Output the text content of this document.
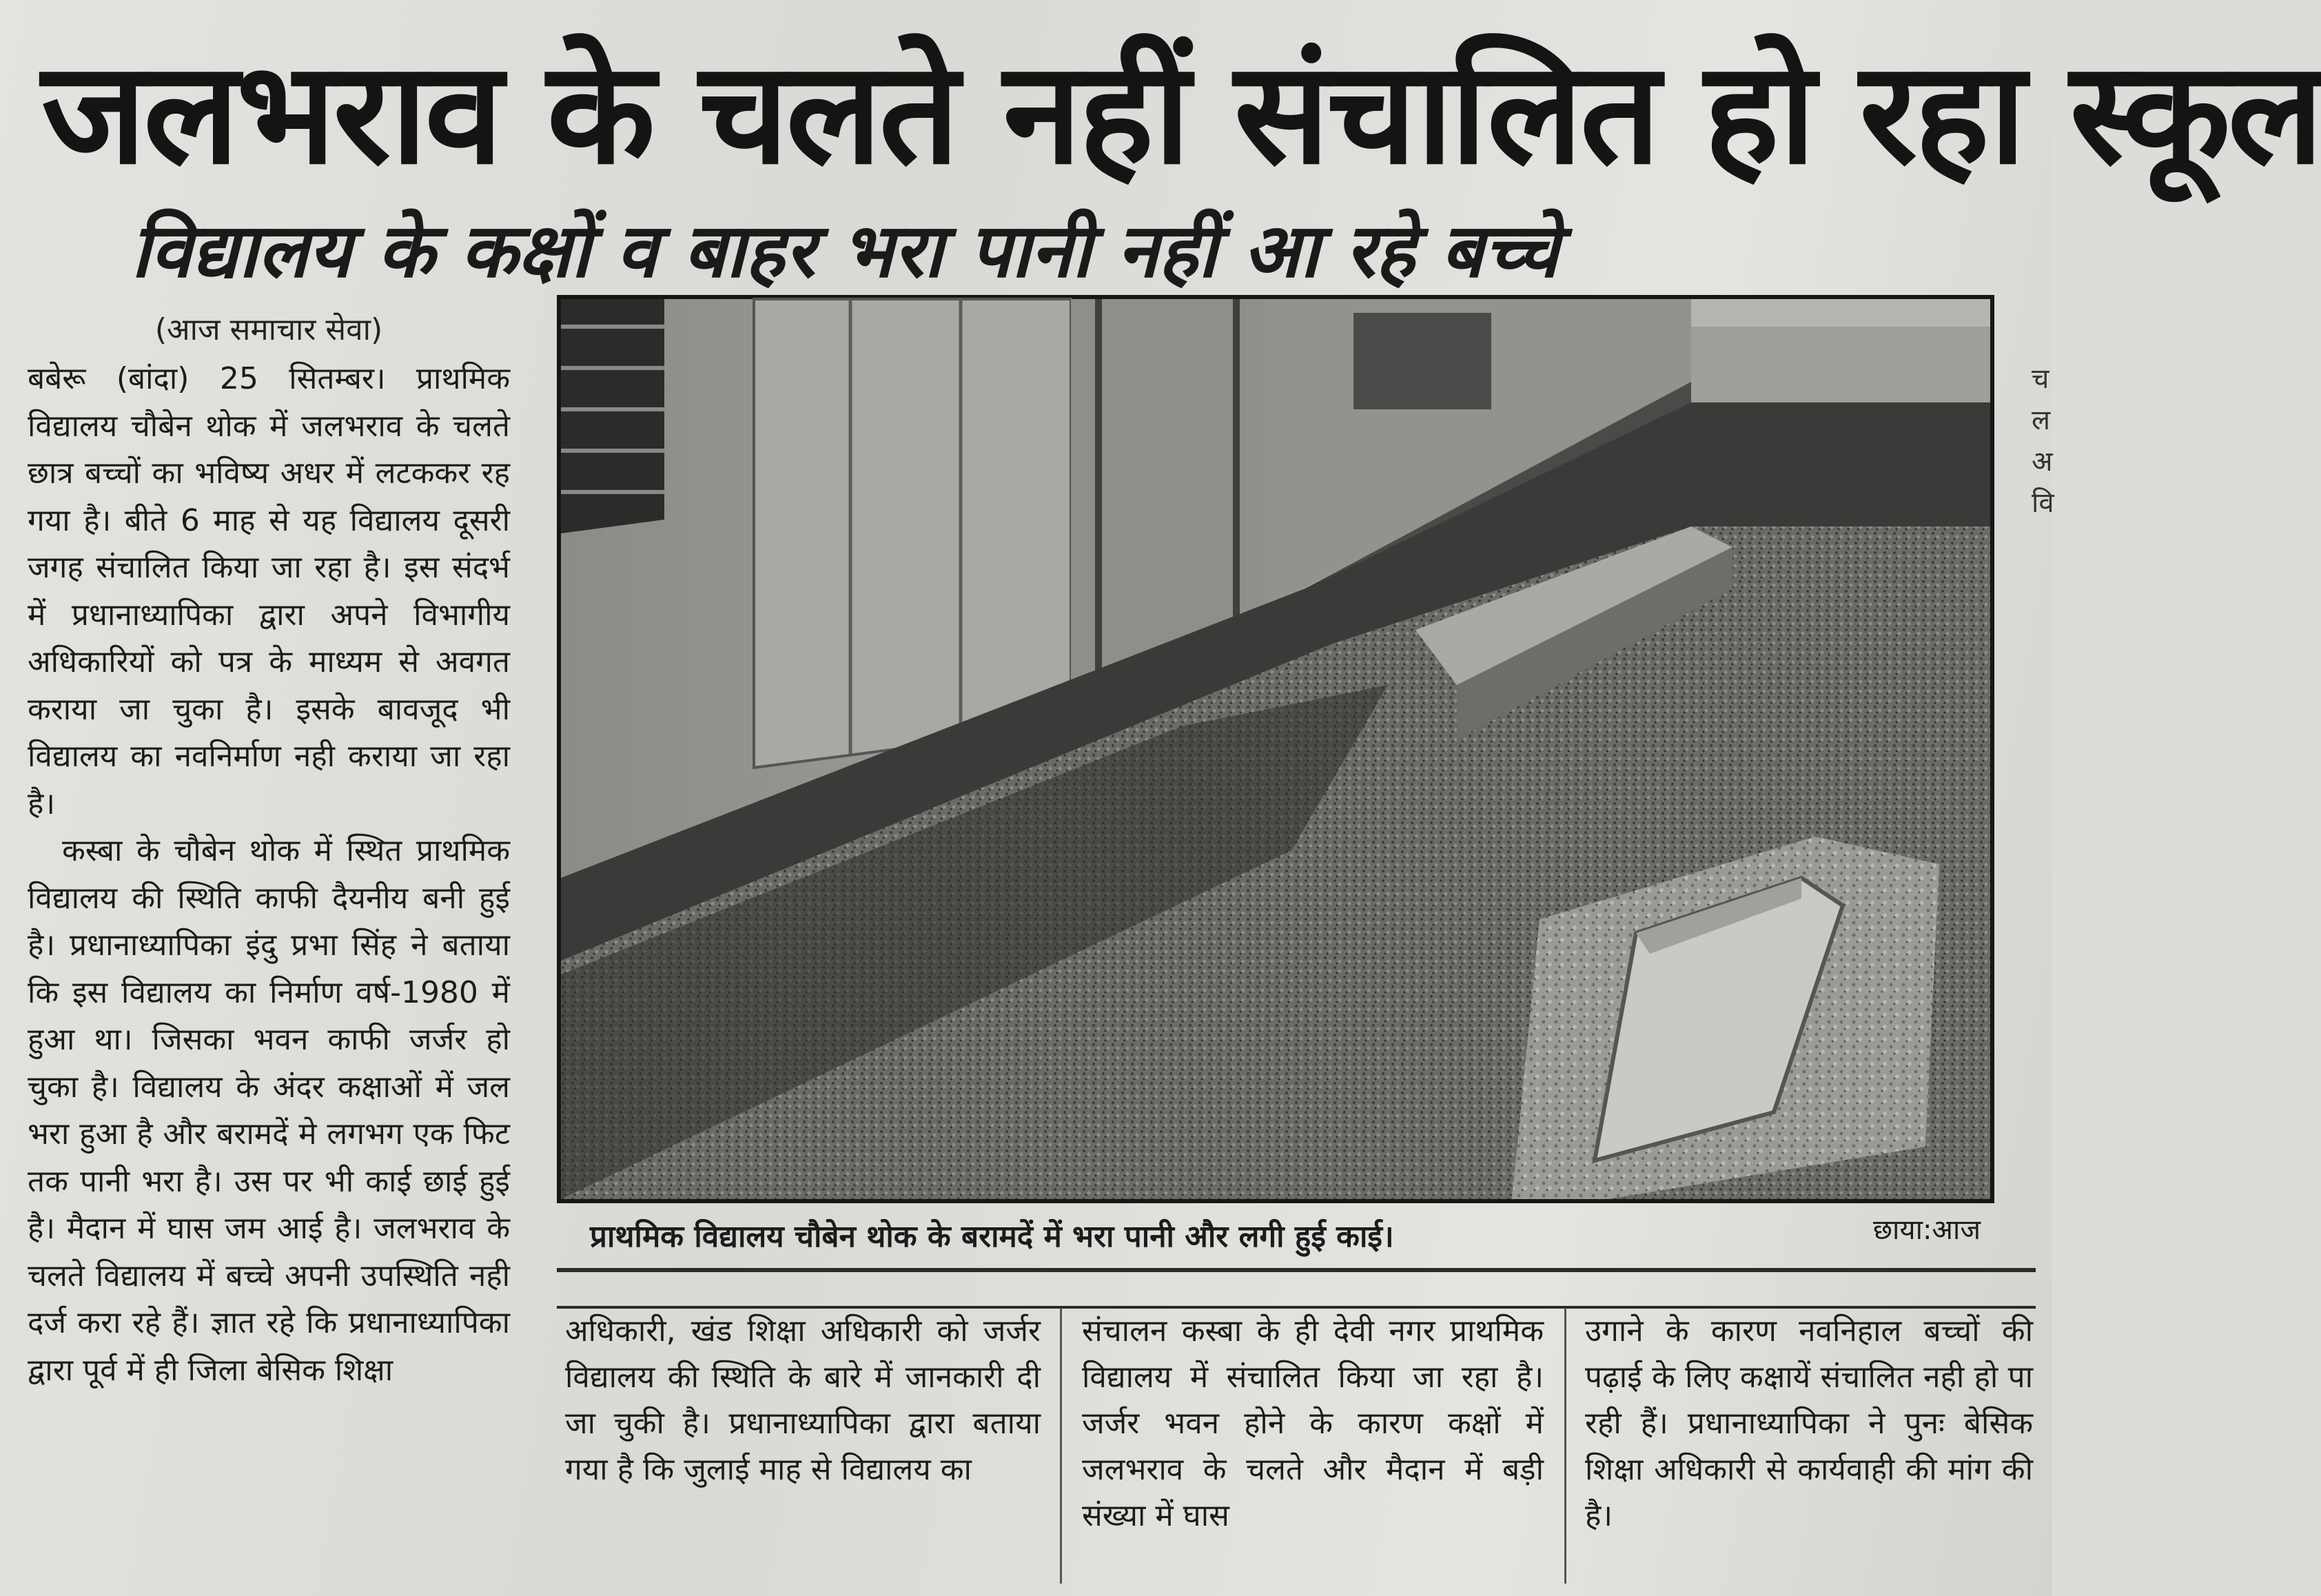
जलभराव के चलते नहीं संचालित हो रहा स्कूल
विद्यालय के कक्षों व बाहर भरा पानी नहीं आ रहे बच्चे
(आज समाचार सेवा)

बबेरू (बांदा) 25 सितम्बर। प्राथमिक विद्यालय चौबेन थोक में जलभराव के चलते छात्र बच्चों का भविष्य अधर में लटककर रह गया है। बीते 6 माह से यह विद्यालय दूसरी जगह संचालित किया जा रहा है। इस संदर्भ में प्रधानाध्यापिका द्वारा अपने विभागीय अधिकारियों को पत्र के माध्यम से अवगत कराया जा चुका है। इसके बावजूद भी विद्यालय का नवनिर्माण नही कराया जा रहा है।

कस्बा के चौबेन थोक में स्थित प्राथमिक विद्यालय की स्थिति काफी दैयनीय बनी हुई है। प्रधानाध्यापिका इंदु प्रभा सिंह ने बताया कि इस विद्यालय का निर्माण वर्ष-1980 में हुआ था। जिसका भवन काफी जर्जर हो चुका है। विद्यालय के अंदर कक्षाओं में जल भरा हुआ है और बरामदें मे लगभग एक फिट तक पानी भरा है। उस पर भी काई छाई हुई है। मैदान में घास जम आई है। जलभराव के चलते विद्यालय में बच्चे अपनी उपस्थिति नही दर्ज करा रहे हैं। ज्ञात रहे कि प्रधानाध्यापिका द्वारा पूर्व में ही जिला बेसिक शिक्षा

प्राथमिक विद्यालय चौबेन थोक के बरामदें में भरा पानी और लगी हुई काई।	छाया:आज

अधिकारी, खंड शिक्षा अधिकारी को जर्जर विद्यालय की स्थिति के बारे में जानकारी दी जा चुकी है। प्रधानाध्यापिका द्वारा बताया गया है कि जुलाई माह से विद्यालय का

संचालन कस्बा के ही देवी नगर प्राथमिक विद्यालय में संचालित किया जा रहा है। जर्जर भवन होने के कारण कक्षों में जलभराव के चलते और मैदान में बड़ी संख्या में घास

उगाने के कारण नवनिहाल बच्चों की पढ़ाई के लिए कक्षायें संचालित नही हो पा रही हैं। प्रधानाध्यापिका ने पुनः बेसिक शिक्षा अधिकारी से कार्यवाही की मांग की है।

च ल अ वि
